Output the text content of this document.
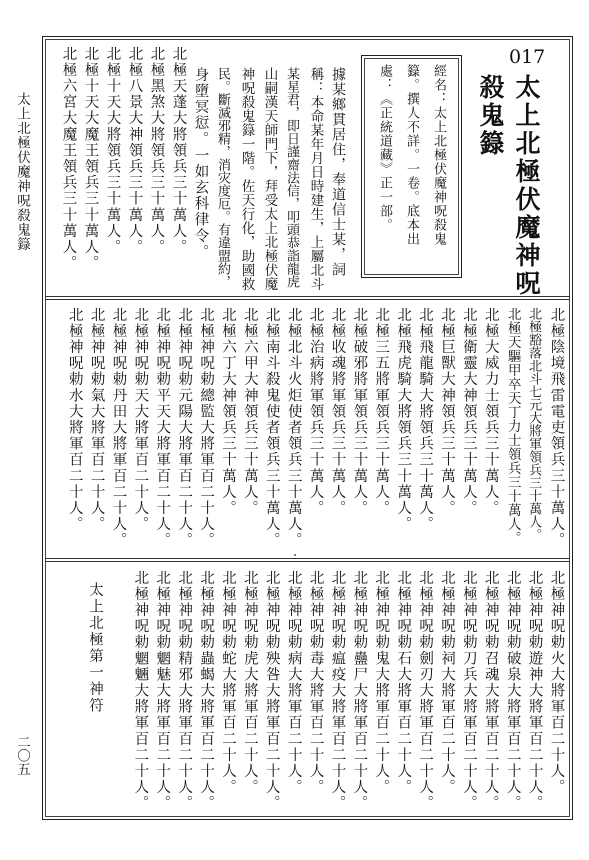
太上北極伏魔神呪殺鬼籙
二〇五
017
太上北極伏魔神呪
殺鬼籙
經名：太上北極伏魔神呪殺鬼
籙。撰人不詳。一卷。底本出
處：《正統道藏》正一部。
據某鄉貫居住，奉道信士某，詞
稱：本命某年月日時建生，上屬北斗
某星君，即日謹齋法信，叩頭恭詣龍虎
山嗣漢天師門下，拜受太上北極伏魔
神呪殺鬼籙一階。佐天行化，助國救
民。斷滅邪精，消灾度厄。有違盟約，
身墮冥愆。一如玄科律令。
北極天蓬大將領兵三十萬人。
北極黑煞大將領兵三十萬人。
北極八景大神領兵三十萬人。
北極十天大將領兵三十萬人。
北極十天大魔王領兵三十萬人。
北極六宮大魔王領兵三十萬人。
北極陰境飛雷電吏領兵三十萬人。
北極豁落北斗七元大將軍領兵三十萬人。
北極天驅甲卒天丁力士領兵三十萬人。
北極大威力士領兵三十萬人。
北極衛靈大神領兵三十萬人。
北極巨獸大神領兵三十萬人。
北極飛龍騎大將領兵三十萬人。
北極飛虎騎大將領兵三十萬人。
北極三五將軍領兵三十萬人。
北極破邪將軍領兵三十萬人。
北極收魂將軍領兵三十萬人。
北極治病將軍領兵三十萬人。
北極北斗火炬使者領兵三十萬人。
北極南斗殺鬼使者領兵三十萬人。
北極六甲大神領兵三十萬人。
北極六丁大神領兵三十萬人。
北極神呪勅總監大將軍百二十人。
北極神呪勅元陽大將軍百二十人。
北極神呪勅平天大將軍百二十人。
北極神呪勅天大將軍百二十人。
北極神呪勅丹田大將軍百二十人。
北極神呪勅氣大將軍百二十人。
北極神呪勅水大將軍百二十人。
北極神呪勅火大將軍百二十人。
北極神呪勅遊神大將軍百二十人。
北極神呪勅破泉大將軍百二十人。
北極神呪勅召魂大將軍百二十人。
北極神呪勅刀兵大將軍百二十人。
北極神呪勅祠大將軍百二十人。
北極神呪勅劍刃大將軍百二十人。
北極神呪勅石大將軍百二十人。
北極神呪勅鬼大將軍百二十人。
北極神呪勅蠱尸大將軍百二十人。
北極神呪勅瘟疫大將軍百二十人。
北極神呪勅毒大將軍百二十人。
北極神呪勅病大將軍百二十人。
北極神呪勅殃咎大將軍百二十人。
北極神呪勅虎大將軍百二十人。
北極神呪勅蛇大將軍百二十人。
北極神呪勅蟲蝎大將軍百二十人。
北極神呪勅精邪大將軍百二十人。
北極神呪勅魍魅大將軍百二十人。
北極神呪勅魍魎大將軍百二十人。
太上北極第一神符
